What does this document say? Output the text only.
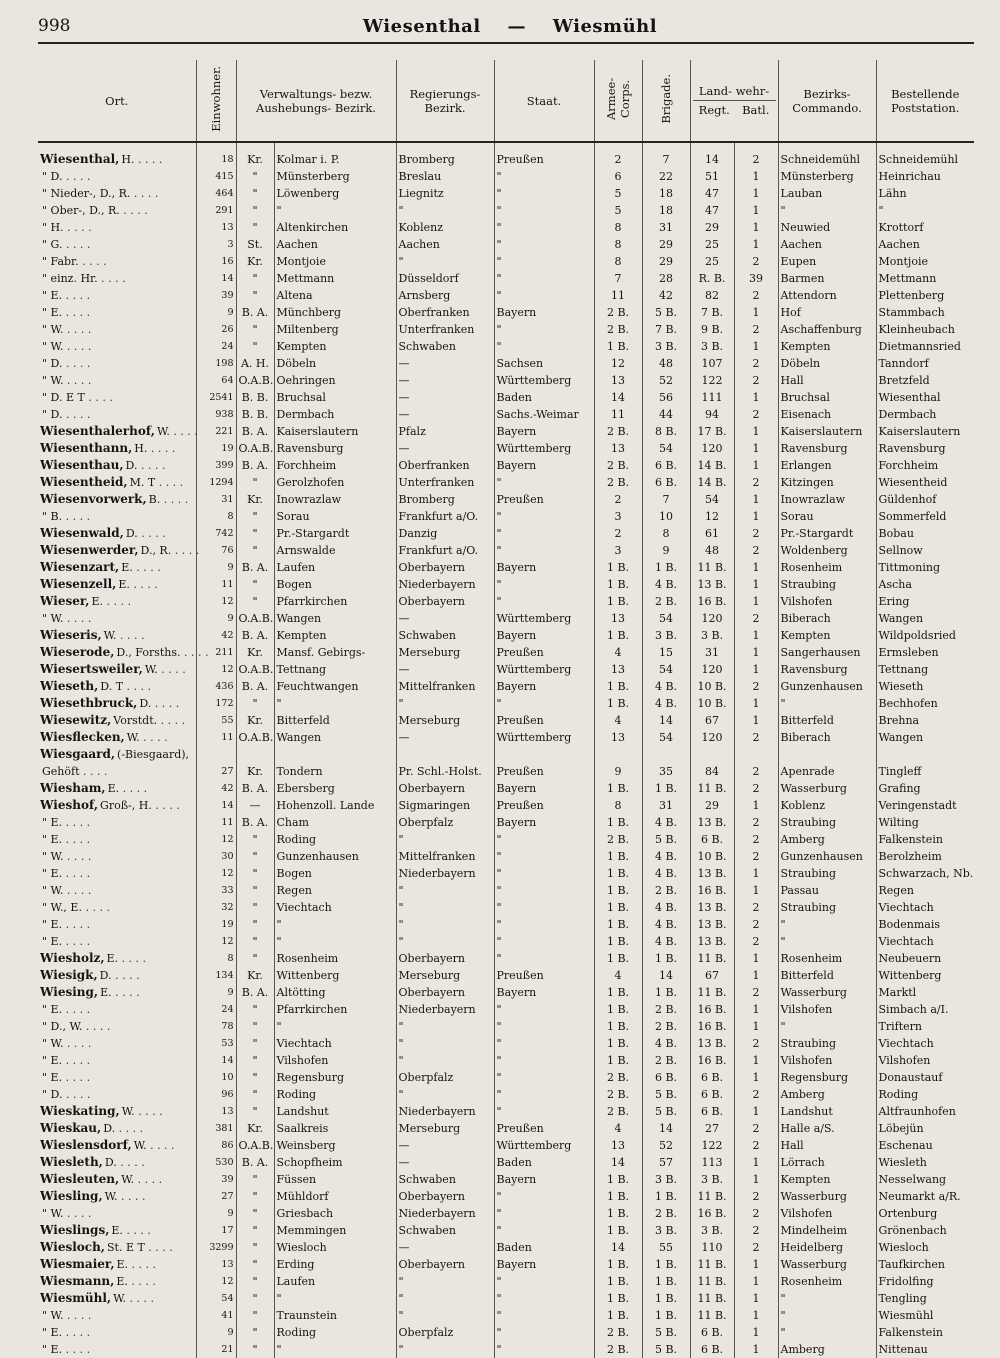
998	Wiesenthal — Wiesmühl
Ort.	Einwohner.	Verwaltungs- bezw. Aushebungs- Bezirk.		Regierungs- Bezirk.	Staat.	Armee-Corps.	Brigade.	Land- wehr-
Regt. Batl.		Bezirks- Commando.	Bestellende Poststation.
Wiesenthal, H. . . . .	18	Kr.	Kolmar i. P.	Bromberg	Preußen	2	7	14	2	Schneidemühl	Schneidemühl
" D. . . . .	415	"	Münsterberg	Breslau	"	6	22	51	1	Münsterberg	Heinrichau
" Nieder-, D., R. . . . .	464	"	Löwenberg	Liegnitz	"	5	18	47	1	Lauban	Lähn
" Ober-, D., R. . . . .	291	"	"	"	"	5	18	47	1	"	"
" H. . . . .	13	"	Altenkirchen	Koblenz	"	8	31	29	1	Neuwied	Krottorf
" G. . . . .	3	St.	Aachen	Aachen	"	8	29	25	1	Aachen	Aachen
" Fabr. . . . .	16	Kr.	Montjoie	"	"	8	29	25	2	Eupen	Montjoie
" einz. Hr. . . . .	14	"	Mettmann	Düsseldorf	"	7	28	R. B.	39	Barmen	Mettmann
" E. . . . .	39	"	Altena	Arnsberg	"	11	42	82	2	Attendorn	Plettenberg
" E. . . . .	9	B. A.	Münchberg	Oberfranken	Bayern	2 B.	5 B.	7 B.	1	Hof	Stammbach
" W. . . . .	26	"	Miltenberg	Unterfranken	"	2 B.	7 B.	9 B.	2	Aschaffenburg	Kleinheubach
" W. . . . .	24	"	Kempten	Schwaben	"	1 B.	3 B.	3 B.	1	Kempten	Dietmannsried
" D. . . . .	198	A. H.	Döbeln	—	Sachsen	12	48	107	2	Döbeln	Tanndorf
" W. . . . .	64	O.A.B.	Oehringen	—	Württemberg	13	52	122	2	Hall	Bretzfeld
" D. E T . . . .	2541	B. B.	Bruchsal	—	Baden	14	56	111	1	Bruchsal	Wiesenthal
" D. . . . .	938	B. B.	Dermbach	—	Sachs.-Weimar	11	44	94	2	Eisenach	Dermbach
Wiesenthalerhof, W. . . . .	221	B. A.	Kaiserslautern	Pfalz	Bayern	2 B.	8 B.	17 B.	1	Kaiserslautern	Kaiserslautern
Wiesenthann, H. . . . .	19	O.A.B.	Ravensburg	—	Württemberg	13	54	120	1	Ravensburg	Ravensburg
Wiesenthau, D. . . . .	399	B. A.	Forchheim	Oberfranken	Bayern	2 B.	6 B.	14 B.	1	Erlangen	Forchheim
Wiesentheid, M. T . . . .	1294	"	Gerolzhofen	Unterfranken	"	2 B.	6 B.	14 B.	2	Kitzingen	Wiesentheid
Wiesenvorwerk, B. . . . .	31	Kr.	Inowrazlaw	Bromberg	Preußen	2	7	54	1	Inowrazlaw	Güldenhof
" B. . . . .	8	"	Sorau	Frankfurt a/O.	"	3	10	12	1	Sorau	Sommerfeld
Wiesenwald, D. . . . .	742	"	Pr.-Stargardt	Danzig	"	2	8	61	2	Pr.-Stargardt	Bobau
Wiesenwerder, D., R. . . . .	76	"	Arnswalde	Frankfurt a/O.	"	3	9	48	2	Woldenberg	Sellnow
Wiesenzart, E. . . . .	9	B. A.	Laufen	Oberbayern	Bayern	1 B.	1 B.	11 B.	1	Rosenheim	Tittmoning
Wiesenzell, E. . . . .	11	"	Bogen	Niederbayern	"	1 B.	4 B.	13 B.	1	Straubing	Ascha
Wieser, E. . . . .	12	"	Pfarrkirchen	Oberbayern	"	1 B.	2 B.	16 B.	1	Vilshofen	Ering
" W. . . . .	9	O.A.B.	Wangen	—	Württemberg	13	54	120	2	Biberach	Wangen
Wieseris, W. . . . .	42	B. A.	Kempten	Schwaben	Bayern	1 B.	3 B.	3 B.	1	Kempten	Wildpoldsried
Wieserode, D., Forsths. . . . .	211	Kr.	Mansf. Gebirgs-	Merseburg	Preußen	4	15	31	1	Sangerhausen	Ermsleben
Wiesertsweiler, W. . . . .	12	O.A.B.	Tettnang	—	Württemberg	13	54	120	1	Ravensburg	Tettnang
Wieseth, D. T . . . .	436	B. A.	Feuchtwangen	Mittelfranken	Bayern	1 B.	4 B.	10 B.	2	Gunzenhausen	Wieseth
Wiesethbruck, D. . . . .	172	"	"	"	"	1 B.	4 B.	10 B.	1	"	Bechhofen
Wiesewitz, Vorstdt. . . . .	55	Kr.	Bitterfeld	Merseburg	Preußen	4	14	67	1	Bitterfeld	Brehna
Wiesflecken, W. . . . .	11	O.A.B.	Wangen	—	Württemberg	13	54	120	2	Biberach	Wangen
Wiesgaard, (-Biesgaard),											
Gehöft . . . .	27	Kr.	Tondern	Pr. Schl.-Holst.	Preußen	9	35	84	2	Apenrade	Tingleff
Wiesham, E. . . . .	42	B. A.	Ebersberg	Oberbayern	Bayern	1 B.	1 B.	11 B.	2	Wasserburg	Grafing
Wieshof, Groß-, H. . . . .	14	—	Hohenzoll. Lande	Sigmaringen	Preußen	8	31	29	1	Koblenz	Veringenstadt
" E. . . . .	11	B. A.	Cham	Oberpfalz	Bayern	1 B.	4 B.	13 B.	2	Straubing	Wilting
" E. . . . .	12	"	Roding	"	"	2 B.	5 B.	6 B.	2	Amberg	Falkenstein
" W. . . . .	30	"	Gunzenhausen	Mittelfranken	"	1 B.	4 B.	10 B.	2	Gunzenhausen	Berolzheim
" E. . . . .	12	"	Bogen	Niederbayern	"	1 B.	4 B.	13 B.	1	Straubing	Schwarzach, Nb.
" W. . . . .	33	"	Regen	"	"	1 B.	2 B.	16 B.	1	Passau	Regen
" W., E. . . . .	32	"	Viechtach	"	"	1 B.	4 B.	13 B.	2	Straubing	Viechtach
" E. . . . .	19	"	"	"	"	1 B.	4 B.	13 B.	2	"	Bodenmais
" E. . . . .	12	"	"	"	"	1 B.	4 B.	13 B.	2	"	Viechtach
Wiesholz, E. . . . .	8	"	Rosenheim	Oberbayern	"	1 B.	1 B.	11 B.	1	Rosenheim	Neubeuern
Wiesigk, D. . . . .	134	Kr.	Wittenberg	Merseburg	Preußen	4	14	67	1	Bitterfeld	Wittenberg
Wiesing, E. . . . .	9	B. A.	Altötting	Oberbayern	Bayern	1 B.	1 B.	11 B.	2	Wasserburg	Marktl
" E. . . . .	24	"	Pfarrkirchen	Niederbayern	"	1 B.	2 B.	16 B.	1	Vilshofen	Simbach a/I.
" D., W. . . . .	78	"	"	"	"	1 B.	2 B.	16 B.	1	"	Triftern
" W. . . . .	53	"	Viechtach	"	"	1 B.	4 B.	13 B.	2	Straubing	Viechtach
" E. . . . .	14	"	Vilshofen	"	"	1 B.	2 B.	16 B.	1	Vilshofen	Vilshofen
" E. . . . .	10	"	Regensburg	Oberpfalz	"	2 B.	6 B.	6 B.	1	Regensburg	Donaustauf
" D. . . . .	96	"	Roding	"	"	2 B.	5 B.	6 B.	2	Amberg	Roding
Wieskating, W. . . . .	13	"	Landshut	Niederbayern	"	2 B.	5 B.	6 B.	1	Landshut	Altfraunhofen
Wieskau, D. . . . .	381	Kr.	Saalkreis	Merseburg	Preußen	4	14	27	2	Halle a/S.	Löbejün
Wieslensdorf, W. . . . .	86	O.A.B.	Weinsberg	—	Württemberg	13	52	122	2	Hall	Eschenau
Wiesleth, D. . . . .	530	B. A.	Schopfheim	—	Baden	14	57	113	1	Lörrach	Wiesleth
Wiesleuten, W. . . . .	39	"	Füssen	Schwaben	Bayern	1 B.	3 B.	3 B.	1	Kempten	Nesselwang
Wiesling, W. . . . .	27	"	Mühldorf	Oberbayern	"	1 B.	1 B.	11 B.	2	Wasserburg	Neumarkt a/R.
" W. . . . .	9	"	Griesbach	Niederbayern	"	1 B.	2 B.	16 B.	2	Vilshofen	Ortenburg
Wieslings, E. . . . .	17	"	Memmingen	Schwaben	"	1 B.	3 B.	3 B.	2	Mindelheim	Grönenbach
Wiesloch, St. E T . . . .	3299	"	Wiesloch	—	Baden	14	55	110	2	Heidelberg	Wiesloch
Wiesmaier, E. . . . .	13	"	Erding	Oberbayern	Bayern	1 B.	1 B.	11 B.	1	Wasserburg	Taufkirchen
Wiesmann, E. . . . .	12	"	Laufen	"	"	1 B.	1 B.	11 B.	1	Rosenheim	Fridolfing
Wiesmühl, W. . . . .	54	"	"	"	"	1 B.	1 B.	11 B.	1	"	Tengling
" W. . . . .	41	"	Traunstein	"	"	1 B.	1 B.	11 B.	1	"	Wiesmühl
" E. . . . .	9	"	Roding	Oberpfalz	"	2 B.	5 B.	6 B.	1	"	Falkenstein
" E. . . . .	21	"	"	"	"	2 B.	5 B.	6 B.	1	Amberg	Nittenau
